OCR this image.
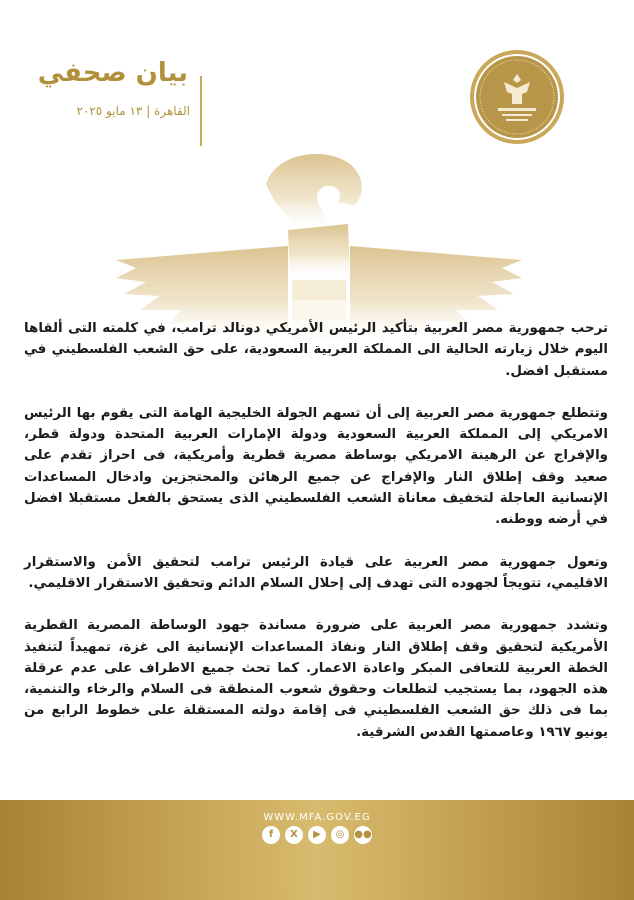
بيان صحفي
القاهرة | ١٣ مايو ٢٠٢٥

ترحب جمهورية مصر العربية بتأكيد الرئيس الأمريكي دونالد ترامب، في كلمته التى ألقاها اليوم خلال زيارته الحالية الى المملكة العربية السعودية، على حق الشعب الفلسطيني في مستقبل افضل.

وتتطلع جمهورية مصر العربية إلى أن تسهم الجولة الخليجية الهامة التى يقوم بها الرئيس الامريكي إلى المملكة العربية السعودية ودولة الإمارات العربية المتحدة ودولة قطر، والإفراج عن الرهينة الامريكي بوساطة مصرية قطرية وأمريكية، فى احراز تقدم على صعيد وقف إطلاق النار والإفراج عن جميع الرهائن والمحتجزين وادخال المساعدات الإنسانية العاجلة لتخفيف معاناة الشعب الفلسطيني الذى يستحق بالفعل مستقبلا افضل في أرضه ووطنه.

وتعول جمهورية مصر العربية على قيادة الرئيس ترامب لتحقيق الأمن والاستقرار الاقليمي، تتويجاً لجهوده التى تهدف إلى إحلال السلام الدائم وتحقيق الاستقرار الاقليمي.

وتشدد جمهورية مصر العربية على ضرورة مساندة جهود الوساطة المصرية القطرية الأمريكية لتحقيق وقف إطلاق النار ونفاذ المساعدات الإنسانية الى غزة، تمهيداً لتنفيذ الخطة العربية للتعافى المبكر واعادة الاعمار. كما تحث جميع الاطراف على عدم عرقلة هذه الجهود، بما يستجيب لتطلعات وحقوق شعوب المنطقة فى السلام والرخاء والتنمية، بما فى ذلك حق الشعب الفلسطيني فى إقامة دولته المستقلة على خطوط الرابع من يونيو ١٩٦٧ وعاصمتها القدس الشرقية.

WWW.MFA.GOV.EG
f	X	▶	◎ ●●
